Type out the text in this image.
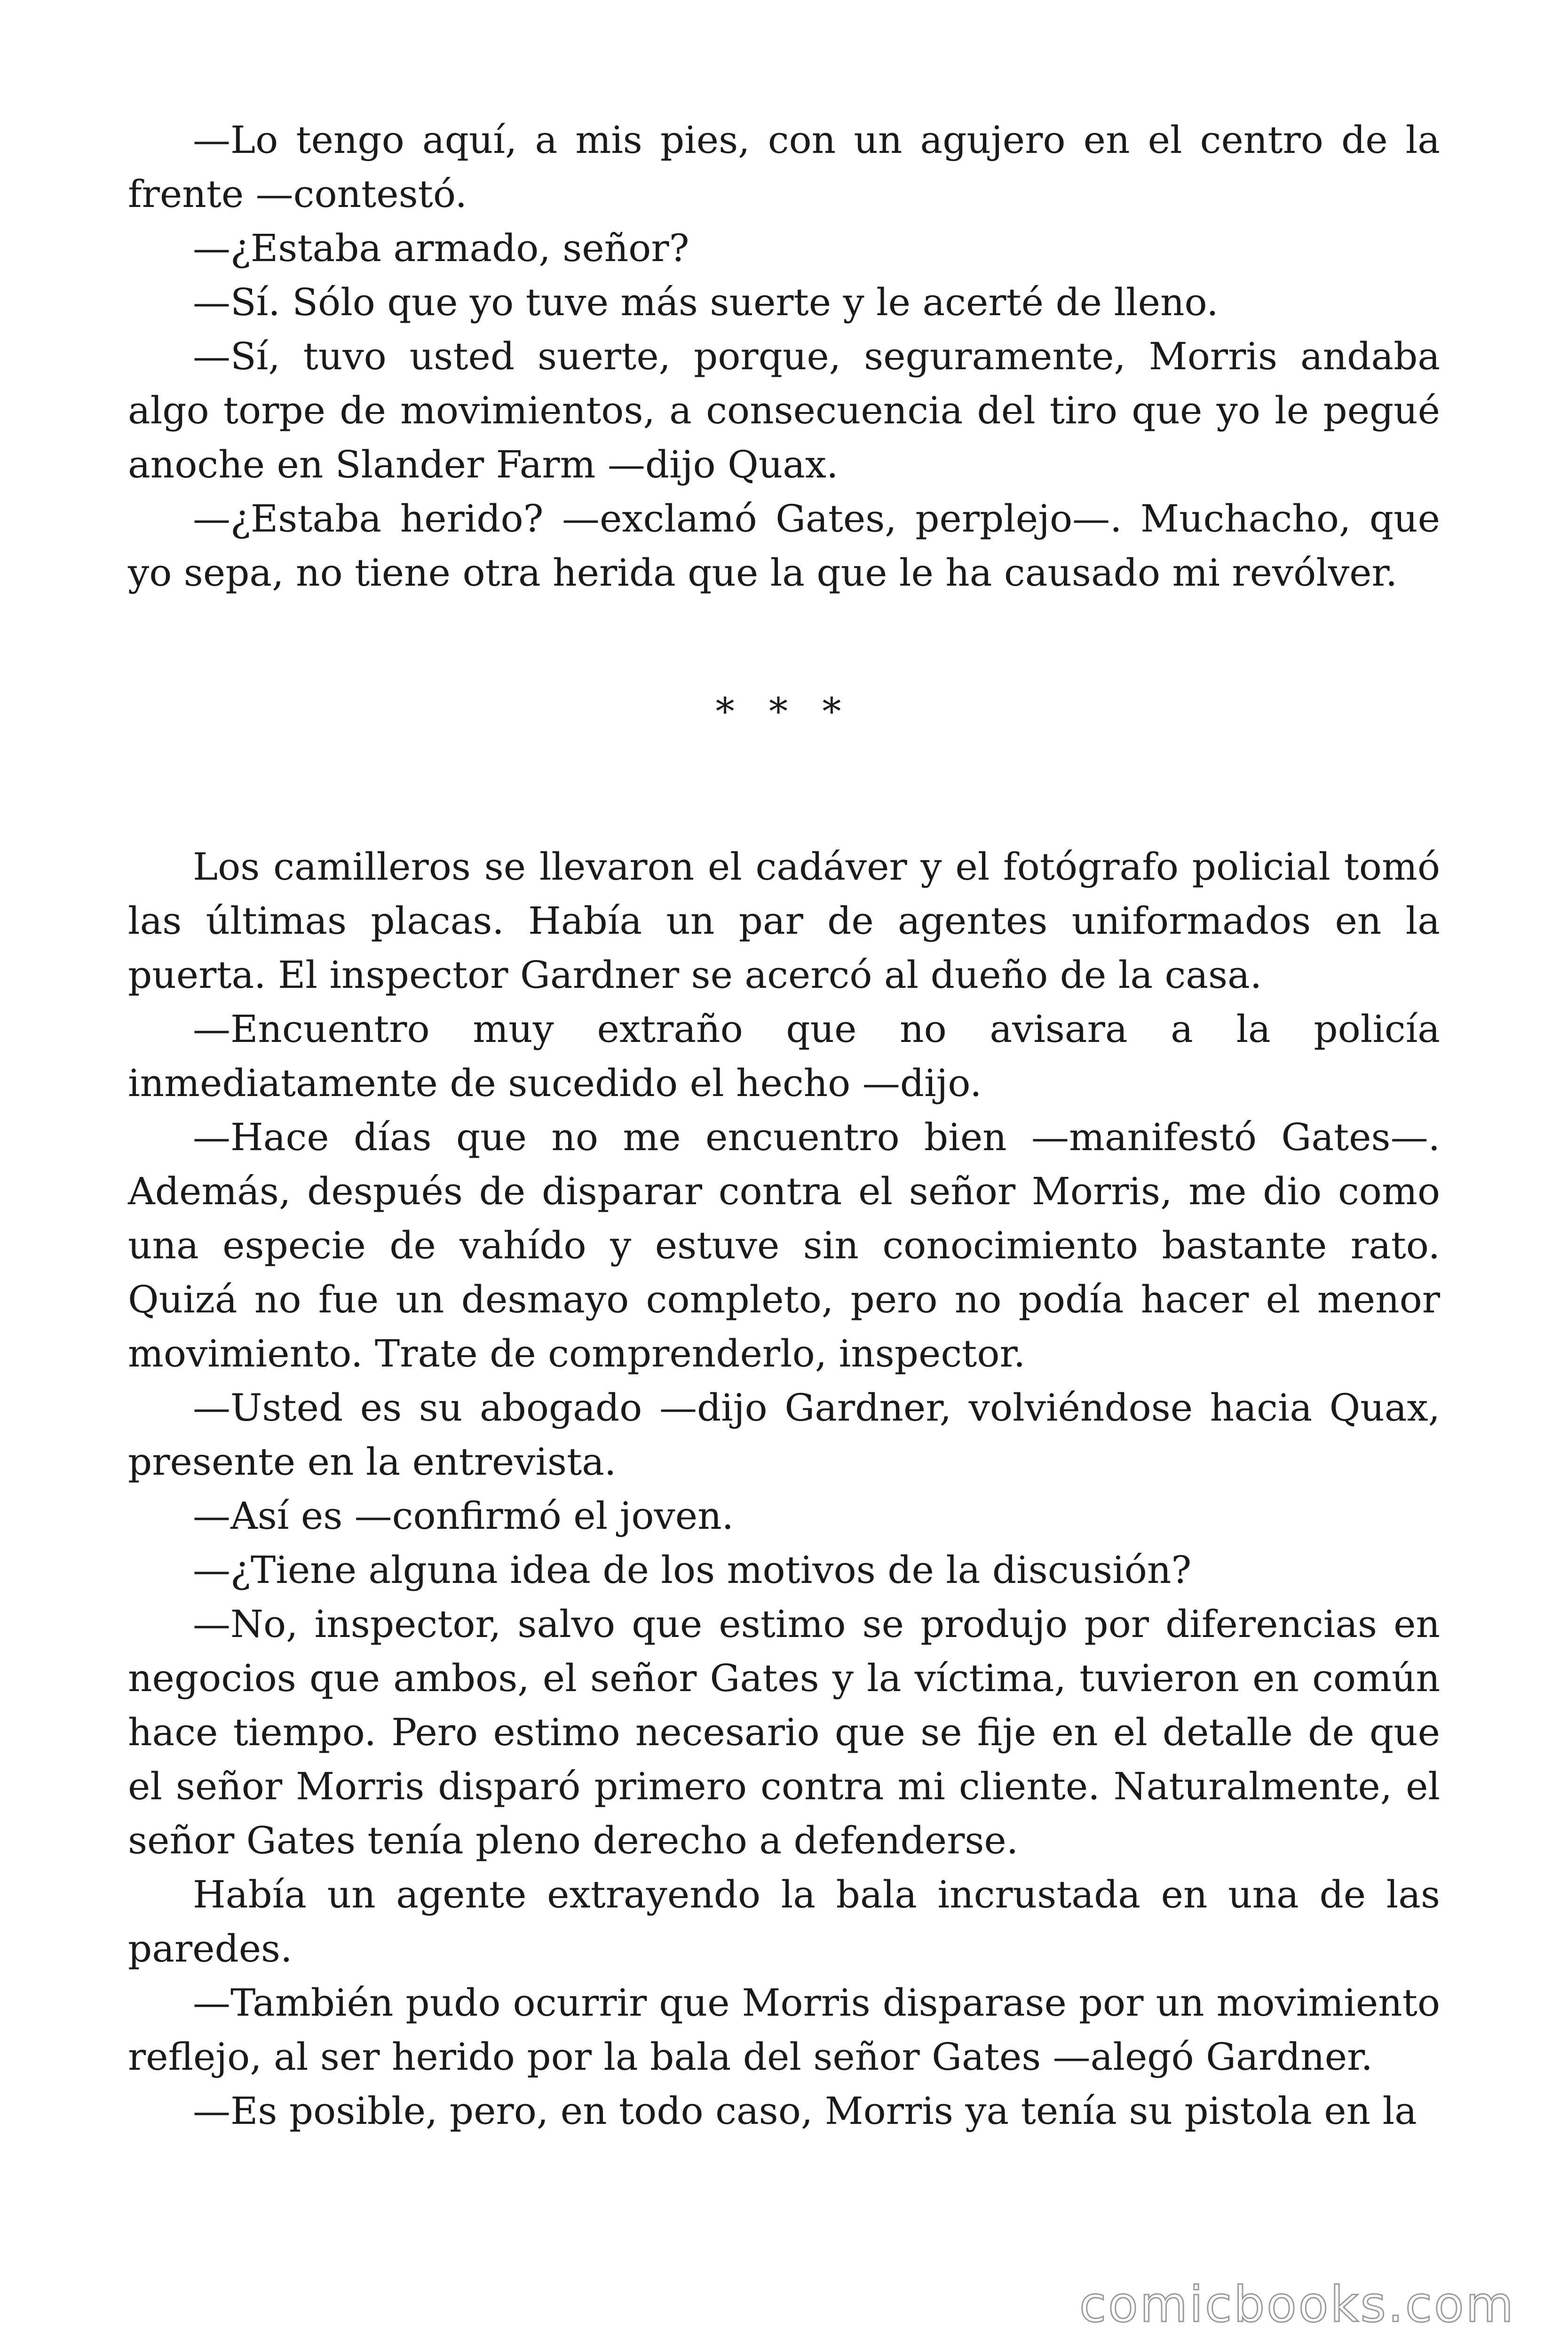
—Lo tengo aquí, a mis pies, con un agujero en el centro de la frente —contestó.

—¿Estaba armado, señor?

—Sí. Sólo que yo tuve más suerte y le acerté de lleno.

—Sí, tuvo usted suerte, porque, seguramente, Morris andaba algo torpe de movimientos, a consecuencia del tiro que yo le pegué anoche en Slander Farm —dijo Quax.

—¿Estaba herido? —exclamó Gates, perplejo—. Muchacho, que yo sepa, no tiene otra herida que la que le ha causado mi revólver.

* * *

Los camilleros se llevaron el cadáver y el fotógrafo policial tomó las últimas placas. Había un par de agentes uniformados en la puerta. El inspector Gardner se acercó al dueño de la casa.

—Encuentro muy extraño que no avisara a la policía inmediatamente de sucedido el hecho —dijo.

—Hace días que no me encuentro bien —manifestó Gates—. Además, después de disparar contra el señor Morris, me dio como una especie de vahído y estuve sin conocimiento bastante rato. Quizá no fue un desmayo completo, pero no podía hacer el menor movimiento. Trate de comprenderlo, inspector.

—Usted es su abogado —dijo Gardner, volviéndose hacia Quax, presente en la entrevista.

—Así es —confirmó el joven.

—¿Tiene alguna idea de los motivos de la discusión?

—No, inspector, salvo que estimo se produjo por diferencias en negocios que ambos, el señor Gates y la víctima, tuvieron en común hace tiempo. Pero estimo necesario que se fije en el detalle de que el señor Morris disparó primero contra mi cliente. Naturalmente, el señor Gates tenía pleno derecho a defenderse.

Había un agente extrayendo la bala incrustada en una de las paredes.

—También pudo ocurrir que Morris disparase por un movimiento reflejo, al ser herido por la bala del señor Gates —alegó Gardner.

—Es posible, pero, en todo caso, Morris ya tenía su pistola en la

comicbooks.com
